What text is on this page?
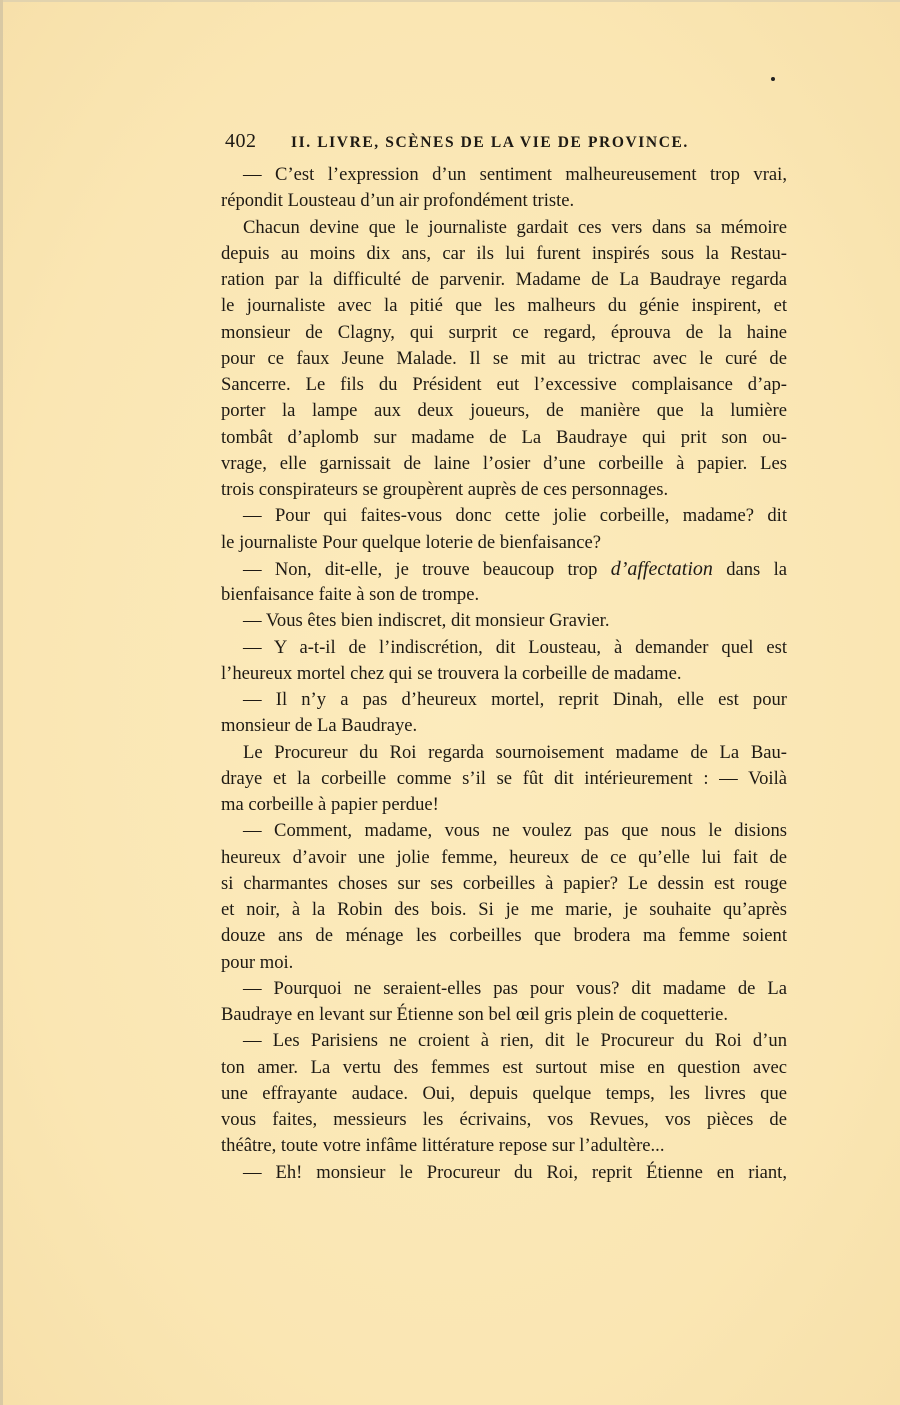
402 II. LIVRE, SCÈNES DE LA VIE DE PROVINCE.
— C’est l’expression d’un sentiment malheureusement trop vrai,
répondit Lousteau d’un air profondément triste.
Chacun devine que le journaliste gardait ces vers dans sa mémoire
depuis au moins dix ans, car ils lui furent inspirés sous la Restau-
ration par la difficulté de parvenir. Madame de La Baudraye regarda
le journaliste avec la pitié que les malheurs du génie inspirent, et
monsieur de Clagny, qui surprit ce regard, éprouva de la haine
pour ce faux Jeune Malade. Il se mit au trictrac avec le curé de
Sancerre. Le fils du Président eut l’excessive complaisance d’ap-
porter la lampe aux deux joueurs, de manière que la lumière
tombât d’aplomb sur madame de La Baudraye qui prit son ou-
vrage, elle garnissait de laine l’osier d’une corbeille à papier. Les
trois conspirateurs se groupèrent auprès de ces personnages.
— Pour qui faites-vous donc cette jolie corbeille, madame? dit
le journaliste Pour quelque loterie de bienfaisance?
— Non, dit-elle, je trouve beaucoup trop d’affectation dans la
bienfaisance faite à son de trompe.
— Vous êtes bien indiscret, dit monsieur Gravier.
— Y a-t-il de l’indiscrétion, dit Lousteau, à demander quel est
l’heureux mortel chez qui se trouvera la corbeille de madame.
— Il n’y a pas d’heureux mortel, reprit Dinah, elle est pour
monsieur de La Baudraye.
Le Procureur du Roi regarda sournoisement madame de La Bau-
draye et la corbeille comme s’il se fût dit intérieurement : — Voilà
ma corbeille à papier perdue!
— Comment, madame, vous ne voulez pas que nous le disions
heureux d’avoir une jolie femme, heureux de ce qu’elle lui fait de
si charmantes choses sur ses corbeilles à papier? Le dessin est rouge
et noir, à la Robin des bois. Si je me marie, je souhaite qu’après
douze ans de ménage les corbeilles que brodera ma femme soient
pour moi.
— Pourquoi ne seraient-elles pas pour vous? dit madame de La
Baudraye en levant sur Étienne son bel œil gris plein de coquetterie.
— Les Parisiens ne croient à rien, dit le Procureur du Roi d’un
ton amer. La vertu des femmes est surtout mise en question avec
une effrayante audace. Oui, depuis quelque temps, les livres que
vous faites, messieurs les écrivains, vos Revues, vos pièces de
théâtre, toute votre infâme littérature repose sur l’adultère...
— Eh! monsieur le Procureur du Roi, reprit Étienne en riant,
